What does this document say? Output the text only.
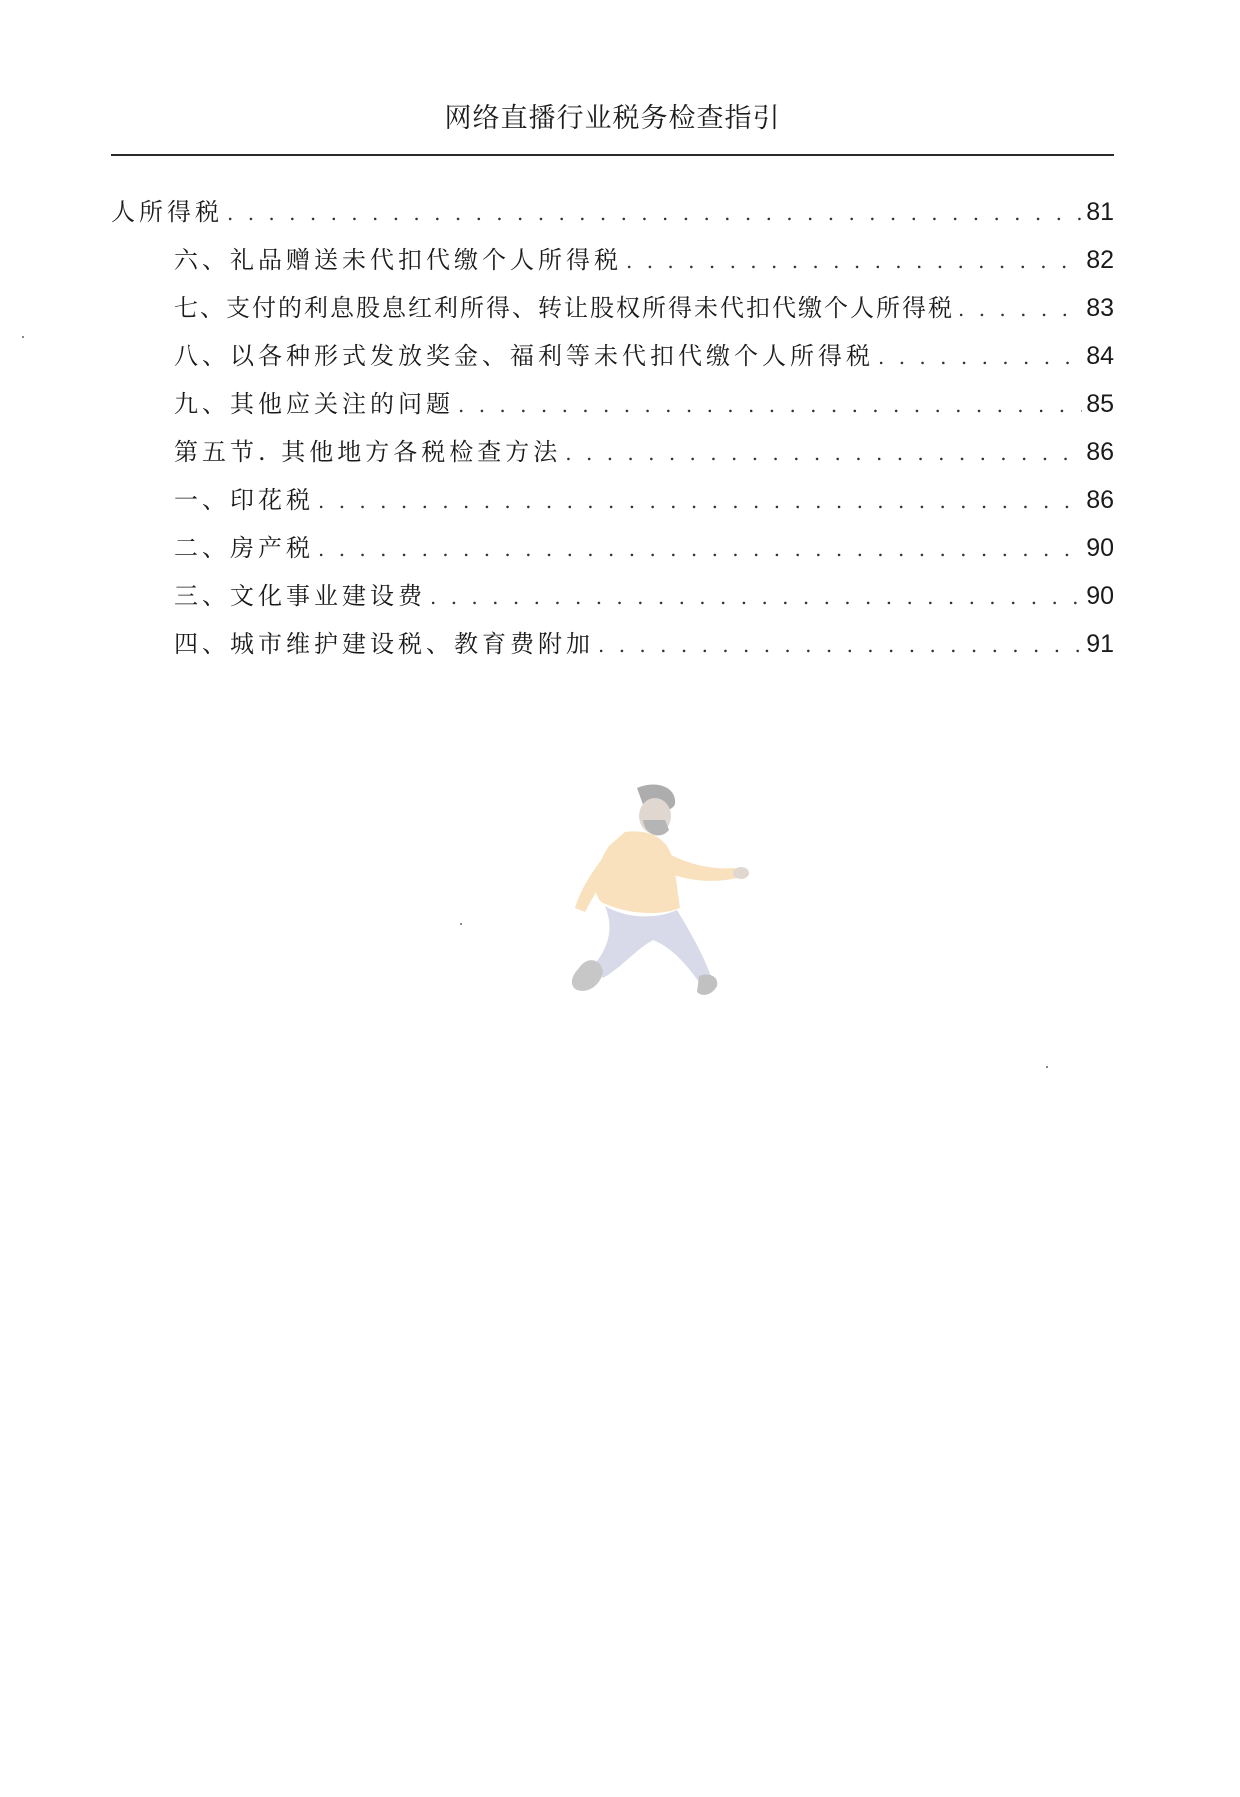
网络直播行业税务检查指引
人所得税 . . .	81
六、礼品赠送未代扣代缴个人所得税 . . .	82
七、支付的利息股息红利所得、转让股权所得未代扣代缴个人所得税 . . .	83
八、以各种形式发放奖金、福利等未代扣代缴个人所得税 . . .	84
九、其他应关注的问题 . . .	85
第五节. 其他地方各税检查方法 . . .	86
一、印花税 . . .	86
二、房产税 . . .	90
三、文化事业建设费 . . .	90
四、城市维护建设税、教育费附加 . . .	91
